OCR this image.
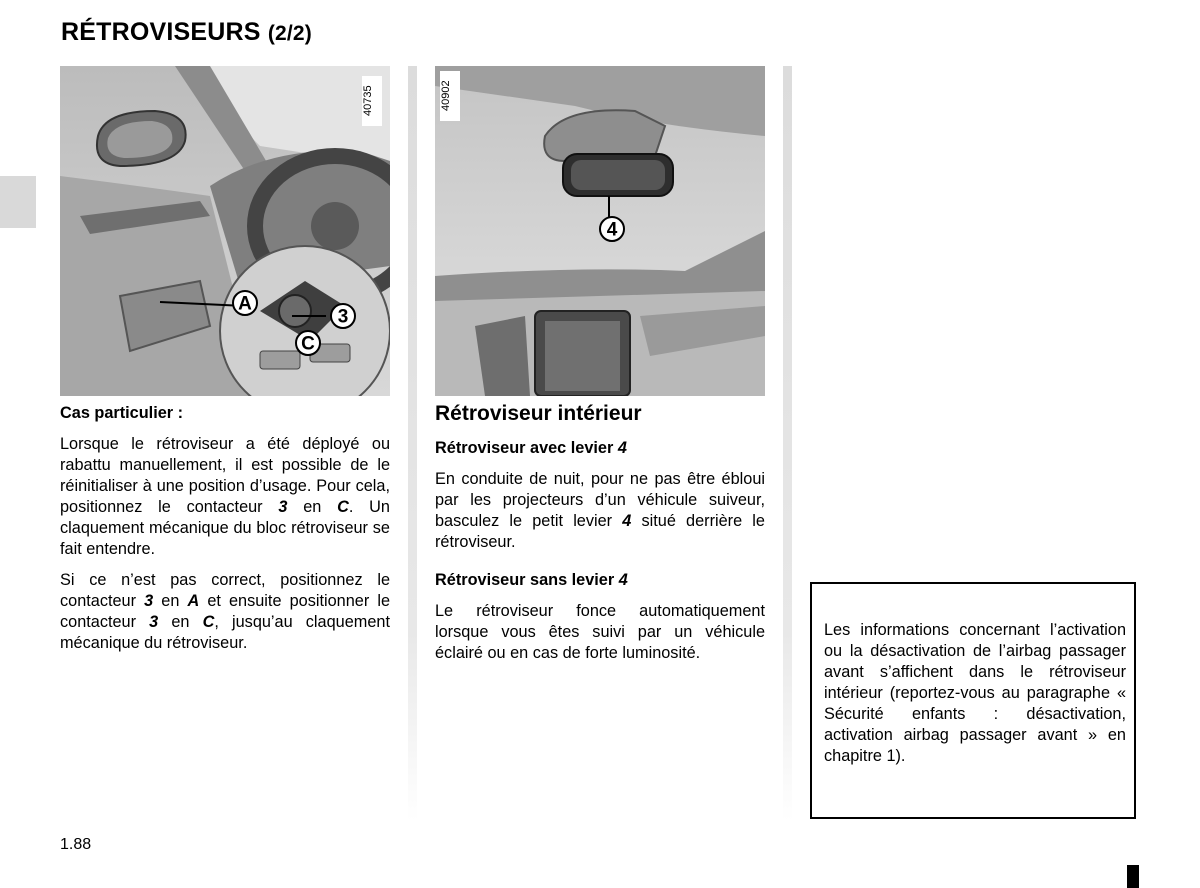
RÉTROVISEURS (2/2)
40735
A
3
C
40902
4

Cas particulier :

Lorsque le rétroviseur a été déployé ou rabattu manuellement, il est possible de le réinitialiser à une position d’usage. Pour cela, positionnez le contacteur 3 en C. Un claquement mécanique du bloc rétroviseur se fait entendre.

Si ce n’est pas correct, positionnez le contacteur 3 en A et ensuite positionner le contacteur 3 en C, jusqu’au claquement mécanique du rétroviseur.

Rétroviseur intérieur

Rétroviseur avec levier 4

En conduite de nuit, pour ne pas être ébloui par les projecteurs d’un véhicule suiveur, basculez le petit levier 4 situé derrière le rétroviseur.

Rétroviseur sans levier 4

Le rétroviseur fonce automatiquement lorsque vous êtes suivi par un véhicule éclairé ou en cas de forte luminosité.

Les informations concernant l’activation ou la désactivation de l’airbag passager avant s’affichent dans le rétroviseur intérieur (reportez-vous au paragraphe « Sécurité enfants : désactivation, activation airbag passager avant » en chapitre 1).

1.88
